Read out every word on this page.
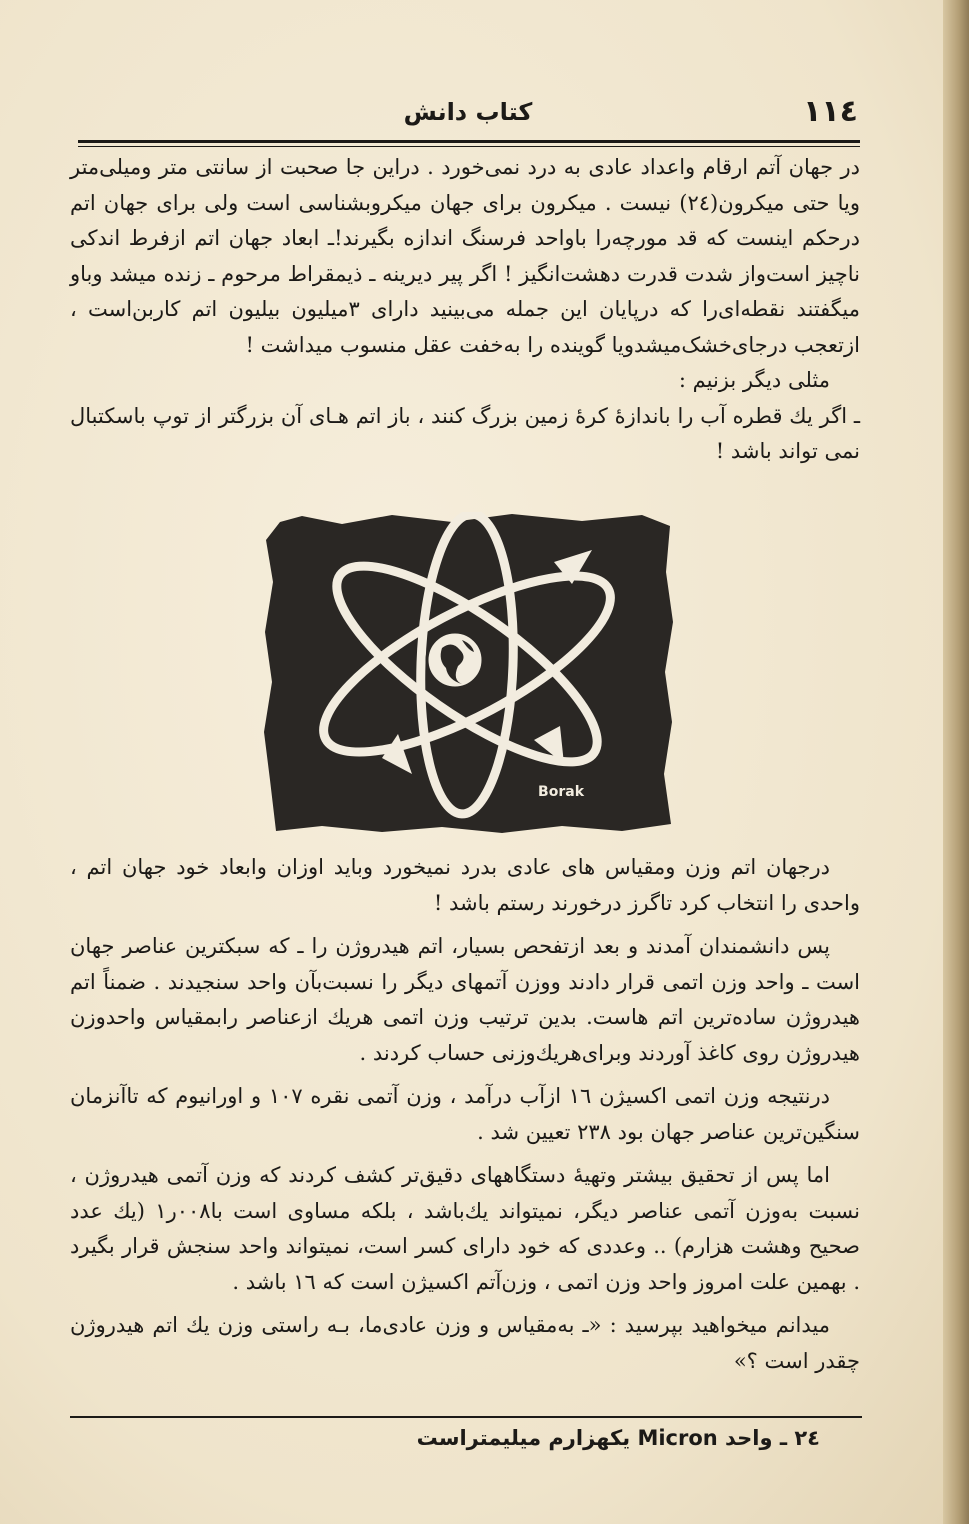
١١٤
كتاب دانش

در جهان آتم ارقام واعداد عادی به درد نمی‌خورد . دراین جا صحبت از سانتی متر ومیلی‌متر ویا حتی میکرون(٢٤) نیست . میکرون برای جهان میکروبشناسی است ولی برای جهان اتم درحکم اینست که قد مورچه‌را باواحد فرسنگ اندازه بگیرند!ـ ابعاد جهان اتم ازفرط اندکی ناچیز است‌واز شدت قدرت دهشت‌انگیز ! اگر پیر دیرینه ـ ذیمقراط مرحوم ـ زنده میشد وباو میگفتند نقطه‌ای‌را که درپایان این جمله می‌بینید دارای ٣میلیون بیلیون اتم کاربن‌است ، ازتعجب درجای‌خشک‌میشدویا گوینده را به‌خفت عقل منسوب میداشت !

مثلی دیگر بزنیم :

ـ اگر یك قطره آب را باندازهٔ کرهٔ زمین بزرگ کنند ، باز اتم هـای آن بزرگتر از توپ باسکتبال نمی تواند باشد !

Borak

درجهان اتم وزن ومقیاس های عادی بدرد نمیخورد وباید اوزان وابعاد خود جهان اتم ، واحدی را انتخاب کرد تاگرز درخورند رستم باشد !

پس دانشمندان آمدند و بعد ازتفحص بسیار، اتم هیدروژن را ـ که سبکترین عناصر جهان است ـ واحد وزن اتمی قرار دادند ووزن آتمهای دیگر را نسبت‌بآن واحد سنجیدند . ضمناً اتم هیدروژن ساده‌ترین اتم هاست. بدین ترتیب وزن اتمی هریك ازعناصر رابمقیاس واحدوزن هیدروژن روی کاغذ آوردند وبرای‌هریك‌وزنی حساب کردند .

درنتیجه وزن اتمی اکسیژن ١٦ ازآب درآمد ، وزن آتمی نقره ١٠٧ و اورانیوم که تاآنزمان سنگین‌ترین عناصر جهان بود ٢٣٨ تعیین شد .

اما پس از تحقیق بیشتر وتهیهٔ دستگاههای دقیق‌تر کشف کردند که وزن آتمی هیدروژن ، نسبت به‌وزن آتمی عناصر دیگر، نمیتواند یك‌باشد ، بلکه مساوی است با٠٠٨ر١ (یك عدد صحیح وهشت هزارم) .. وعددی که خود دارای کسر است، نمیتواند واحد سنجش قرار بگیرد . بهمین علت امروز واحد وزن اتمی ، وزن‌آتم اکسیژن است که ١٦ باشد .

میدانم میخواهید بپرسید : «ـ به‌مقیاس و وزن عادی‌ما، بـه راستی وزن یك اتم هیدروژن چقدر است ؟»

٢٤ ـ واحد Micron یکهزارم میلیمتراست
